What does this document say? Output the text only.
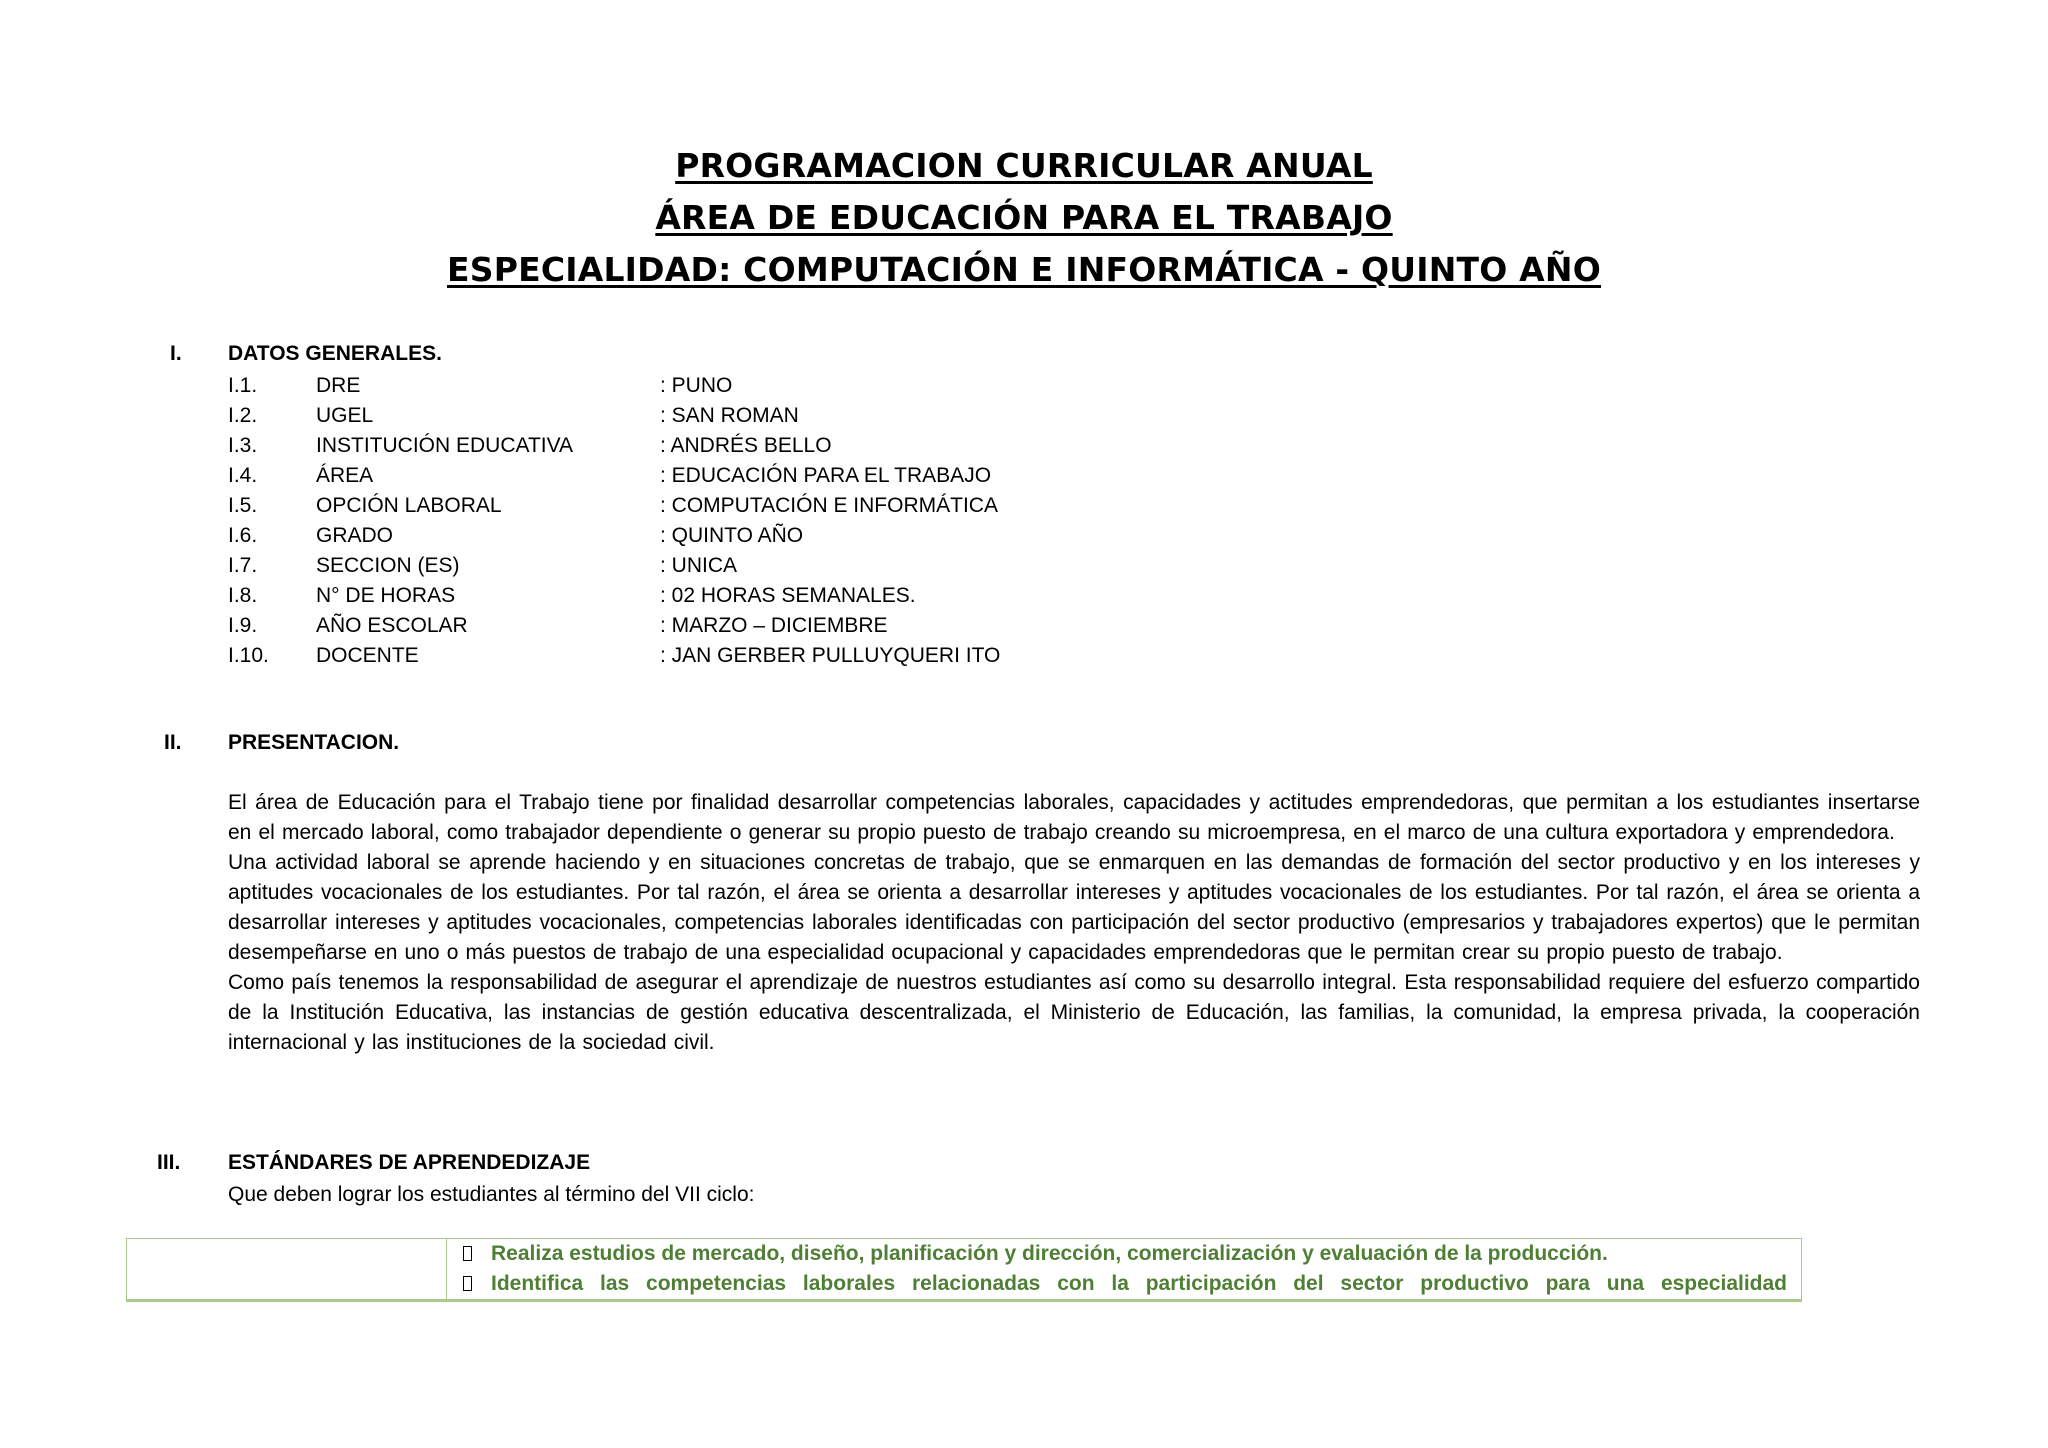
PROGRAMACION CURRICULAR ANUAL
ÁREA DE EDUCACIÓN PARA EL TRABAJO
ESPECIALIDAD: COMPUTACIÓN E INFORMÁTICA - QUINTO AÑO
I. DATOS GENERALES.
I.1.	DRE	: PUNO
I.2.	UGEL	: SAN ROMAN
I.3.	INSTITUCIÓN EDUCATIVA	: ANDRÉS BELLO
I.4.	ÁREA	: EDUCACIÓN PARA EL TRABAJO
I.5.	OPCIÓN LABORAL	: COMPUTACIÓN E INFORMÁTICA
I.6.	GRADO	: QUINTO AÑO
I.7.	SECCION (ES)	: UNICA
I.8.	N° DE HORAS	: 02 HORAS SEMANALES.
I.9.	AÑO ESCOLAR	: MARZO – DICIEMBRE
I.10. DOCENTE	: JAN GERBER PULLUYQUERI ITO
II. PRESENTACION.

El área de Educación para el Trabajo tiene por finalidad desarrollar competencias laborales, capacidades y actitudes emprendedoras, que permitan a los estudiantes insertarse en el mercado laboral, como trabajador dependiente o generar su propio puesto de trabajo creando su microempresa, en el marco de una cultura exportadora y emprendedora.

Una actividad laboral se aprende haciendo y en situaciones concretas de trabajo, que se enmarquen en las demandas de formación del sector productivo y en los intereses y aptitudes vocacionales de los estudiantes. Por tal razón, el área se orienta a desarrollar intereses y aptitudes vocacionales de los estudiantes. Por tal razón, el área se orienta a desarrollar intereses y aptitudes vocacionales, competencias laborales identificadas con participación del sector productivo (empresarios y trabajadores expertos) que le permitan desempeñarse en uno o más puestos de trabajo de una especialidad ocupacional y capacidades emprendedoras que le permitan crear su propio puesto de trabajo.

Como país tenemos la responsabilidad de asegurar el aprendizaje de nuestros estudiantes así como su desarrollo integral. Esta responsabilidad requiere del esfuerzo compartido de la Institución Educativa, las instancias de gestión educativa descentralizada, el Ministerio de Educación, las familias, la comunidad, la empresa privada, la cooperación internacional y las instituciones de la sociedad civil.

III. ESTÁNDARES DE APRENDEDIZAJE
Que deben lograr los estudiantes al término del VII ciclo:
Realiza estudios de mercado, diseño, planificación y dirección, comercialización y evaluación de la producción.
Identifica las competencias laborales relacionadas con la participación del sector productivo para una especialidad
